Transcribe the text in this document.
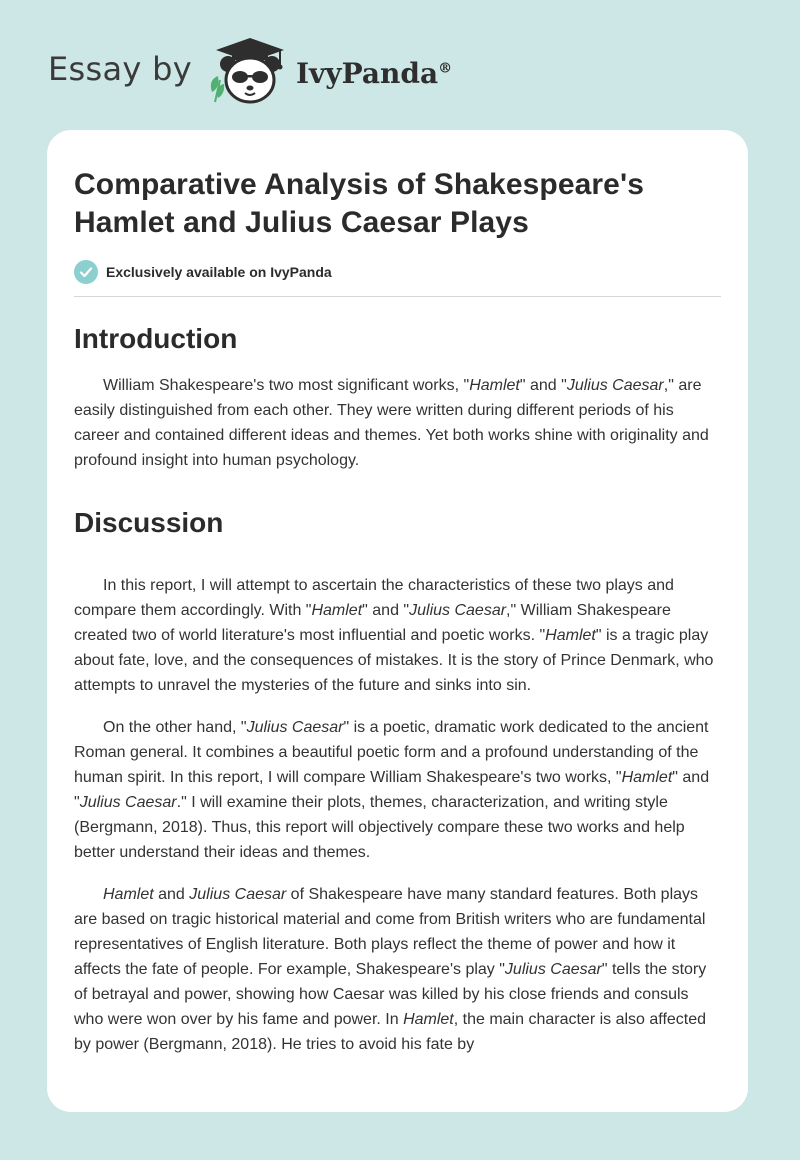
Essay by	IvyPanda®
Comparative Analysis of Shakespeare's Hamlet and Julius Caesar Plays
Exclusively available on IvyPanda
Introduction

William Shakespeare's two most significant works, "Hamlet" and "Julius Caesar," are easily distinguished from each other. They were written during different periods of his career and contained different ideas and themes. Yet both works shine with originality and profound insight into human psychology.

Discussion

In this report, I will attempt to ascertain the characteristics of these two plays and compare them accordingly. With "Hamlet" and "Julius Caesar," William Shakespeare created two of world literature's most influential and poetic works. "Hamlet" is a tragic play about fate, love, and the consequences of mistakes. It is the story of Prince Denmark, who attempts to unravel the mysteries of the future and sinks into sin.

On the other hand, "Julius Caesar" is a poetic, dramatic work dedicated to the ancient Roman general. It combines a beautiful poetic form and a profound understanding of the human spirit. In this report, I will compare William Shakespeare's two works, "Hamlet" and "Julius Caesar." I will examine their plots, themes, characterization, and writing style (Bergmann, 2018). Thus, this report will objectively compare these two works and help better understand their ideas and themes.

Hamlet and Julius Caesar of Shakespeare have many standard features. Both plays are based on tragic historical material and come from British writers who are fundamental representatives of English literature. Both plays reflect the theme of power and how it affects the fate of people. For example, Shakespeare's play "Julius Caesar" tells the story of betrayal and power, showing how Caesar was killed by his close friends and consuls who were won over by his fame and power. In Hamlet, the main character is also affected by power (Bergmann, 2018). He tries to avoid his fate by
